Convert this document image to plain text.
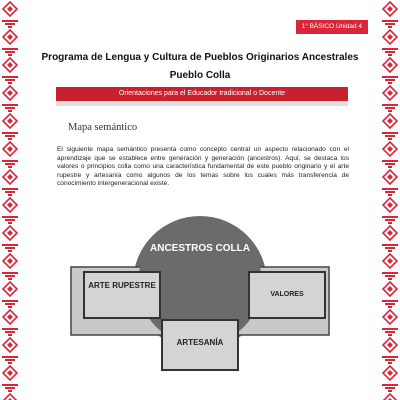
1° BÁSICO Unidad 4
Programa de Lengua y Cultura de Pueblos Originarios Ancestrales
Pueblo Colla
Orientaciones para el Educador tradicional o Docente
Mapa semántico
El siguiente mapa semántico presenta como concepto central un aspecto relacionado con el aprendizaje que se establece entre generación y generación (ancestros). Aquí, se destaca los valores o principios colla como una característica fundamental de este pueblo originario y el arte rupestre y artesanía como algunos de los temas sobre los cuales más transferencia de conocimiento intergeneracional existe.
ANCESTROS COLLA
ARTE RUPESTRE
VALORES
ARTESANÍA
